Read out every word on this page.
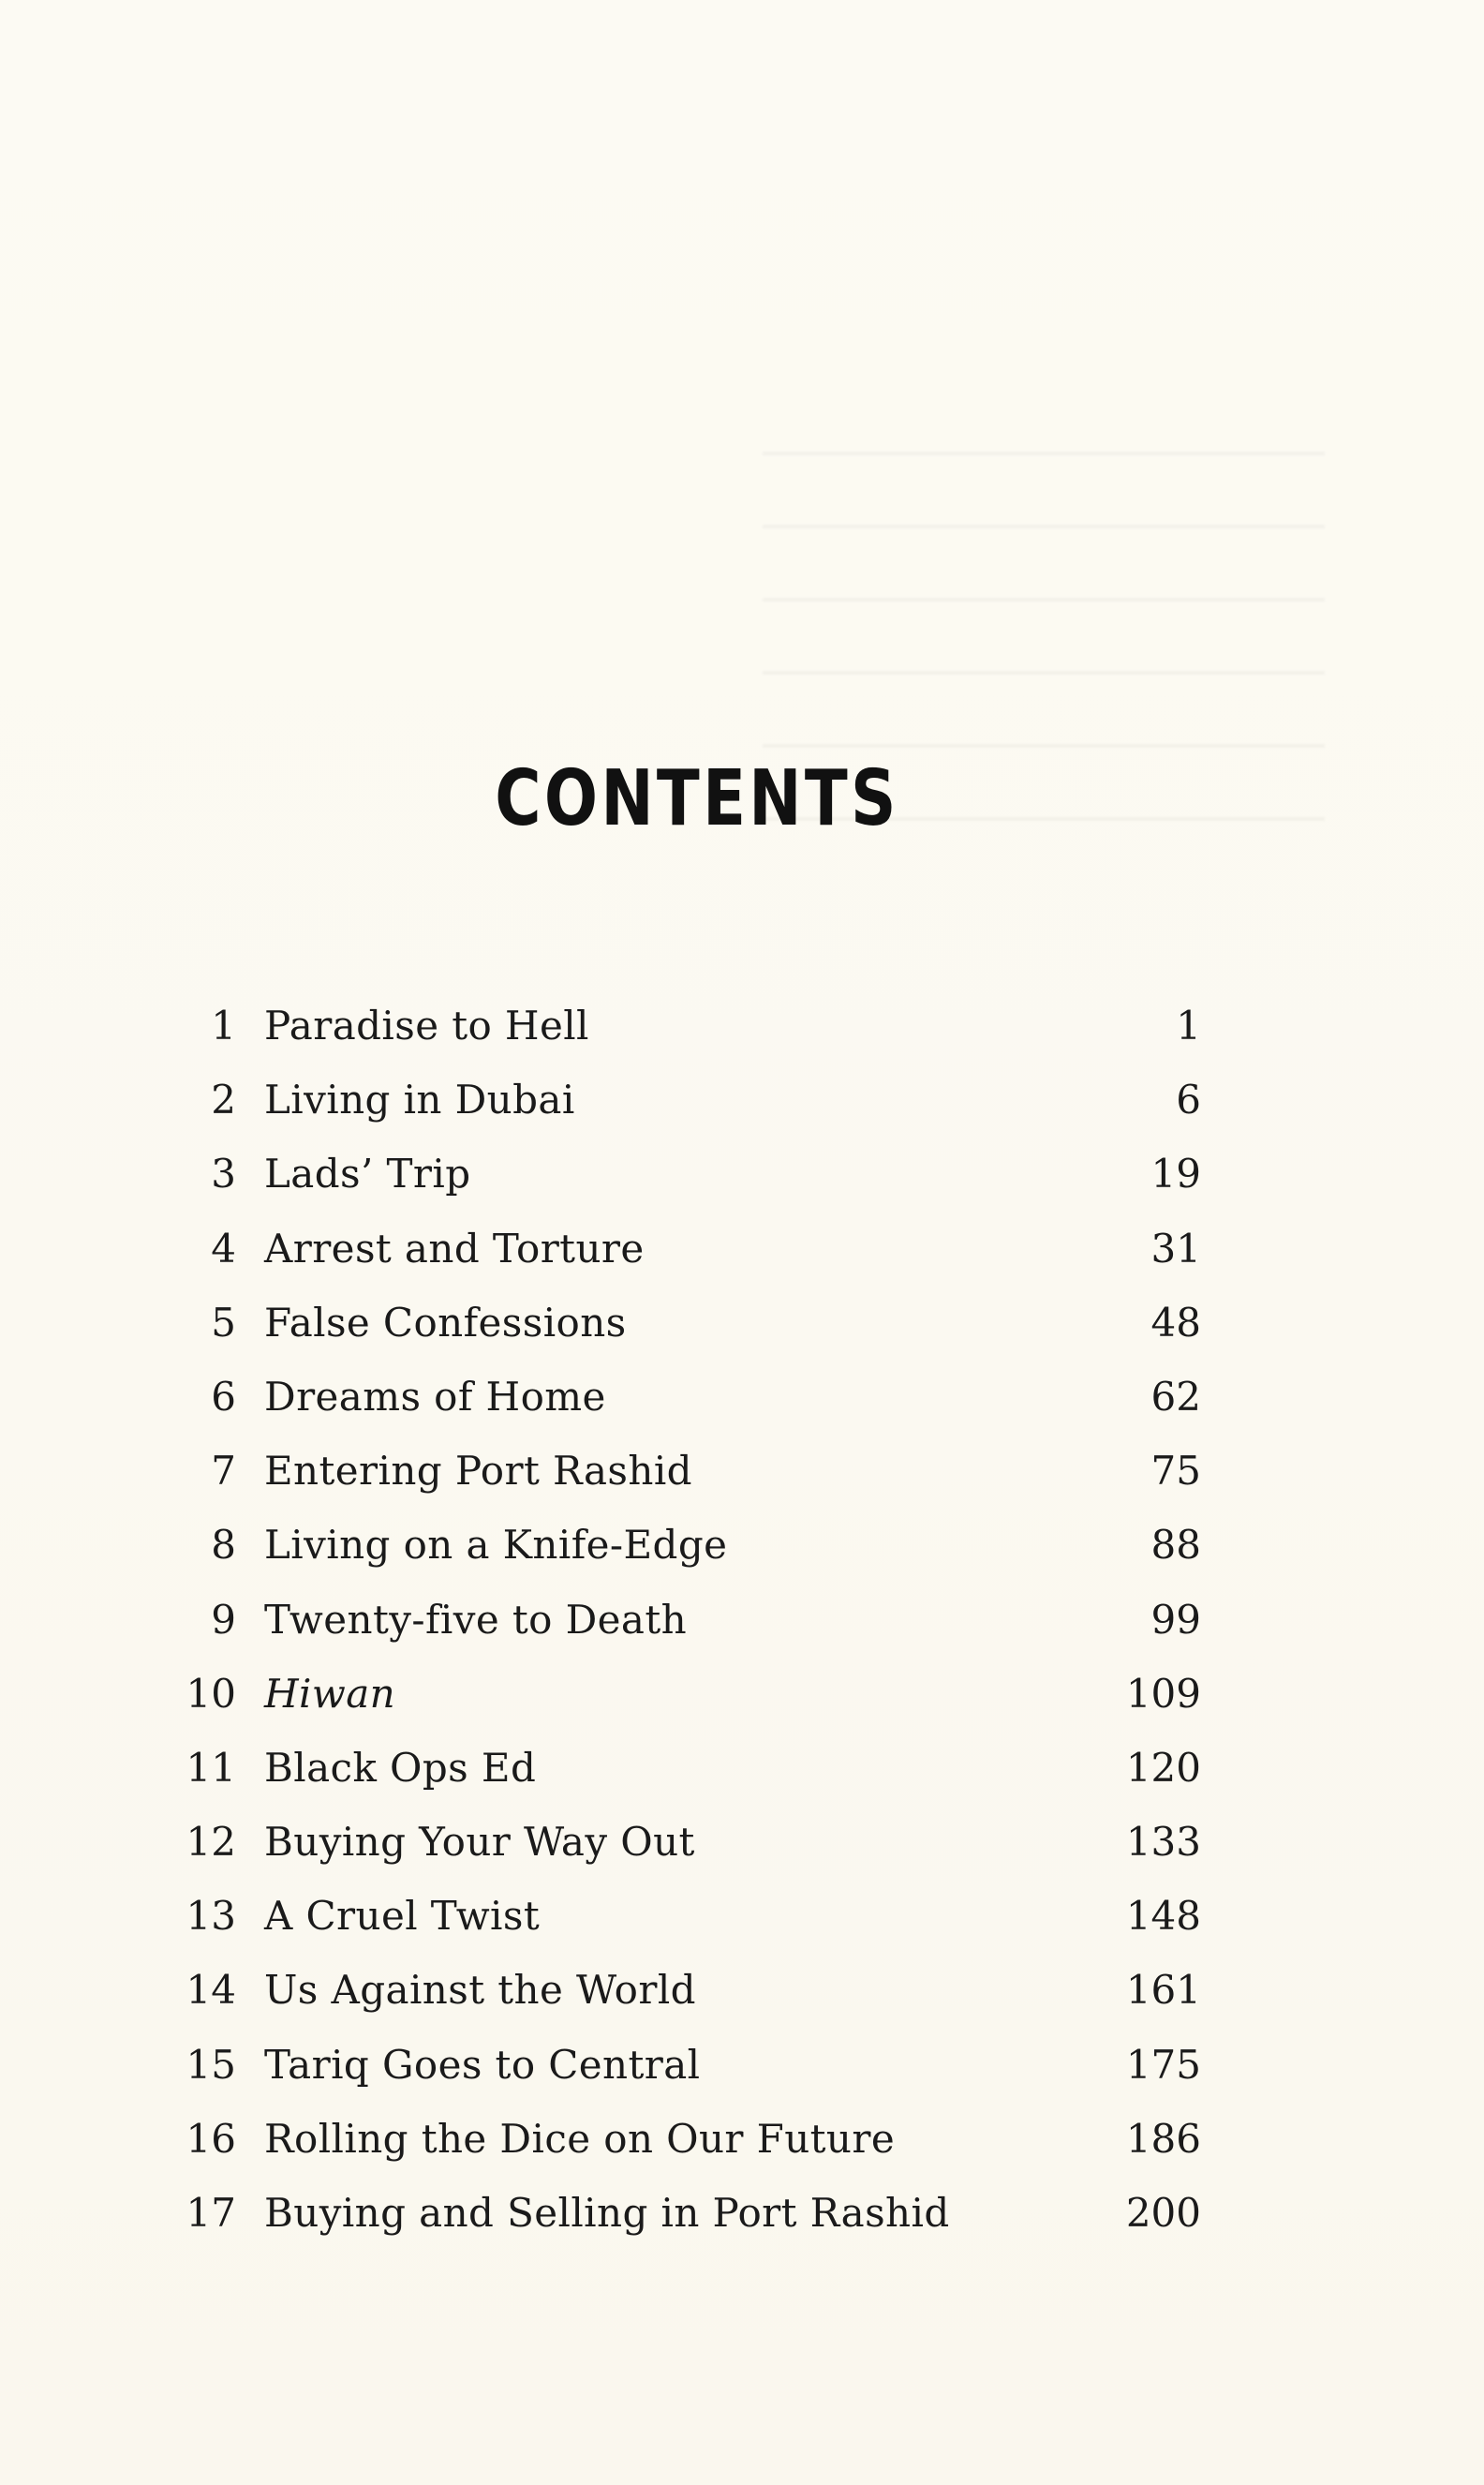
CONTENTS
1 Paradise to Hell	1
2 Living in Dubai	6
3 Lads’ Trip	19
4 Arrest and Torture	31
5 False Confessions	48
6 Dreams of Home	62
7 Entering Port Rashid	75
8 Living on a Knife-Edge	88
9 Twenty-five to Death	99
10 Hiwan	109
11 Black Ops Ed	120
12 Buying Your Way Out	133
13 A Cruel Twist	148
14 Us Against the World	161
15 Tariq Goes to Central	175
16 Rolling the Dice on Our Future	186
17 Buying and Selling in Port Rashid	200
